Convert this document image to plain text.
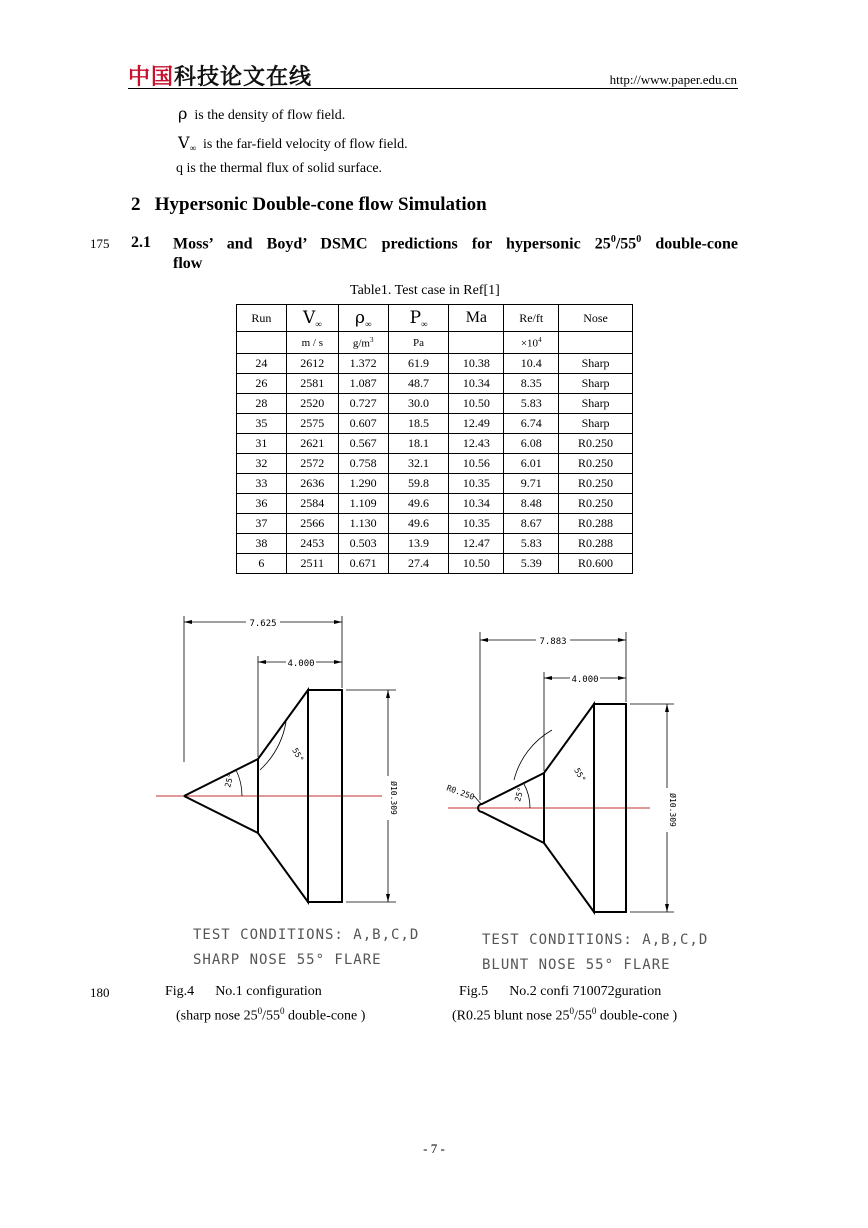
中国科技论文在线	http://www.paper.edu.cn
ρ is the density of flow field.
$V_\infty$ is the far-field velocity of flow field.
q is the thermal flux of solid surface.
2 Hypersonic Double-cone flow Simulation
175 2.1 Moss’ and Boyd’ DSMC predictions for hypersonic $25^0/55^0$ double-cone
flow
Table1. Test case in Ref[1]
Run	$V_\infty$	$\rho_\infty$	$P_\infty$	Ma	Re/ft	Nose
	m / s	$g/m^3$	Pa		$\times 10^4$	
24	2612	1.372	61.9	10.38	10.4	Sharp
26	2581	1.087	48.7	10.34	8.35	Sharp
28	2520	0.727	30.0	10.50	5.83	Sharp
35	2575	0.607	18.5	12.49	6.74	Sharp
31	2621	0.567	18.1	12.43	6.08	R0.250
32	2572	0.758	32.1	10.56	6.01	R0.250
33	2636	1.290	59.8	10.35	9.71	R0.250
36	2584	1.109	49.6	10.34	8.48	R0.250
37	2566	1.130	49.6	10.35	8.67	R0.288
38	2453	0.503	13.9	12.47	5.83	R0.288
6	2511	0.671	27.4	10.50	5.39	R0.600
7.625
4.000
Ø10.309
25°
55°
7.883
4.000
Ø10.309
R0.250	25°
55°
TEST CONDITIONS: A,B,C,D
SHARP NOSE 55° FLARE
TEST CONDITIONS: A,B,C,D
BLUNT NOSE 55° FLARE
180	Fig.4 No.1 configuration
(sharp nose $25^0/55^0$ double-cone )
Fig.5 No.2 confi 710072guration
(R0.25 blunt nose $25^0/55^0$ double-cone )
- 7 -
